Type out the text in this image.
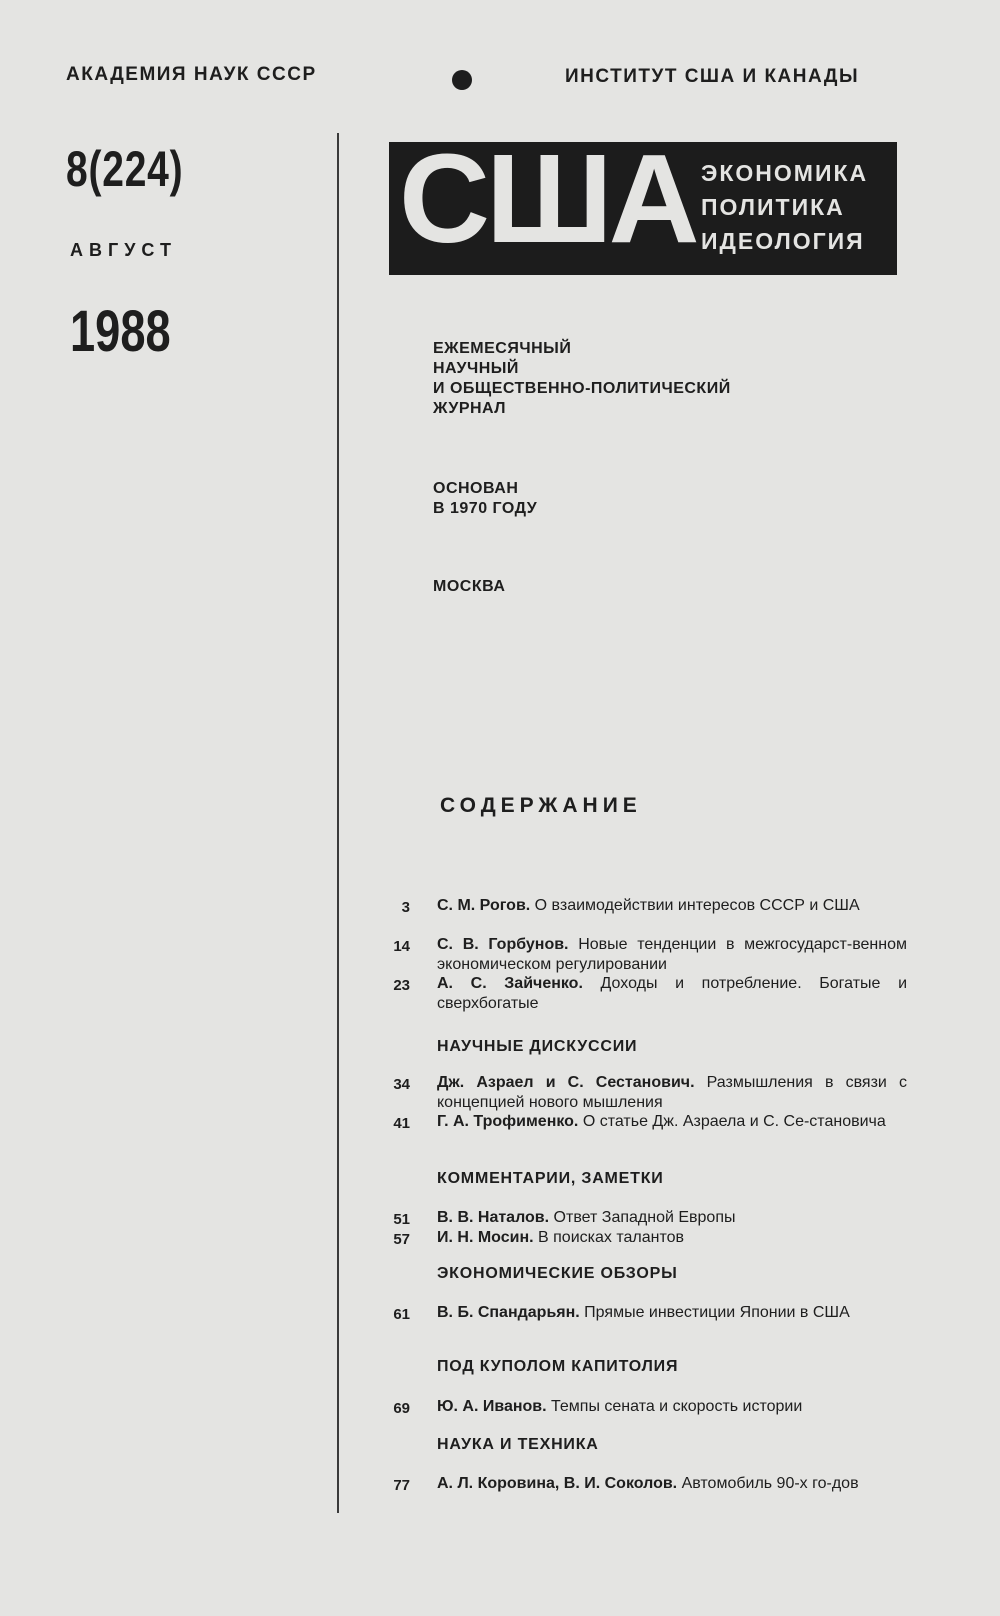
АКАДЕМИЯ НАУК СССР	ИНСТИТУТ США И КАНАДЫ
8(224)
АВГУСТ
1988
США ЭКОНОМИКА
ПОЛИТИКА
ИДЕОЛОГИЯ
ЕЖЕМЕСЯЧНЫЙ
НАУЧНЫЙ
И ОБЩЕСТВЕННО-ПОЛИТИЧЕСКИЙ
ЖУРНАЛ
ОСНОВАН
В 1970 ГОДУ
МОСКВА
СОДЕРЖАНИЕ
3 С. М. Рогов. О взаимодействии интересов СССР и США
14 С. В. Горбунов. Новые тенденции в межгосударст-венном экономическом регулировании
23 А. С. Зайченко. Доходы и потребление. Богатые и сверхбогатые
НАУЧНЫЕ ДИСКУССИИ
34 Дж. Азраел и С. Сестанович. Размышления в связи с концепцией нового мышления
41 Г. А. Трофименко. О статье Дж. Азраела и С. Се-становича
КОММЕНТАРИИ, ЗАМЕТКИ
51 В. В. Наталов. Ответ Западной Европы
57 И. Н. Мосин. В поисках талантов
ЭКОНОМИЧЕСКИЕ ОБЗОРЫ
61 В. Б. Спандарьян. Прямые инвестиции Японии в США
ПОД КУПОЛОМ КАПИТОЛИЯ
69 Ю. А. Иванов. Темпы сената и скорость истории
НАУКА И ТЕХНИКА
77 А. Л. Коровина, В. И. Соколов. Автомобиль 90-х го-дов
